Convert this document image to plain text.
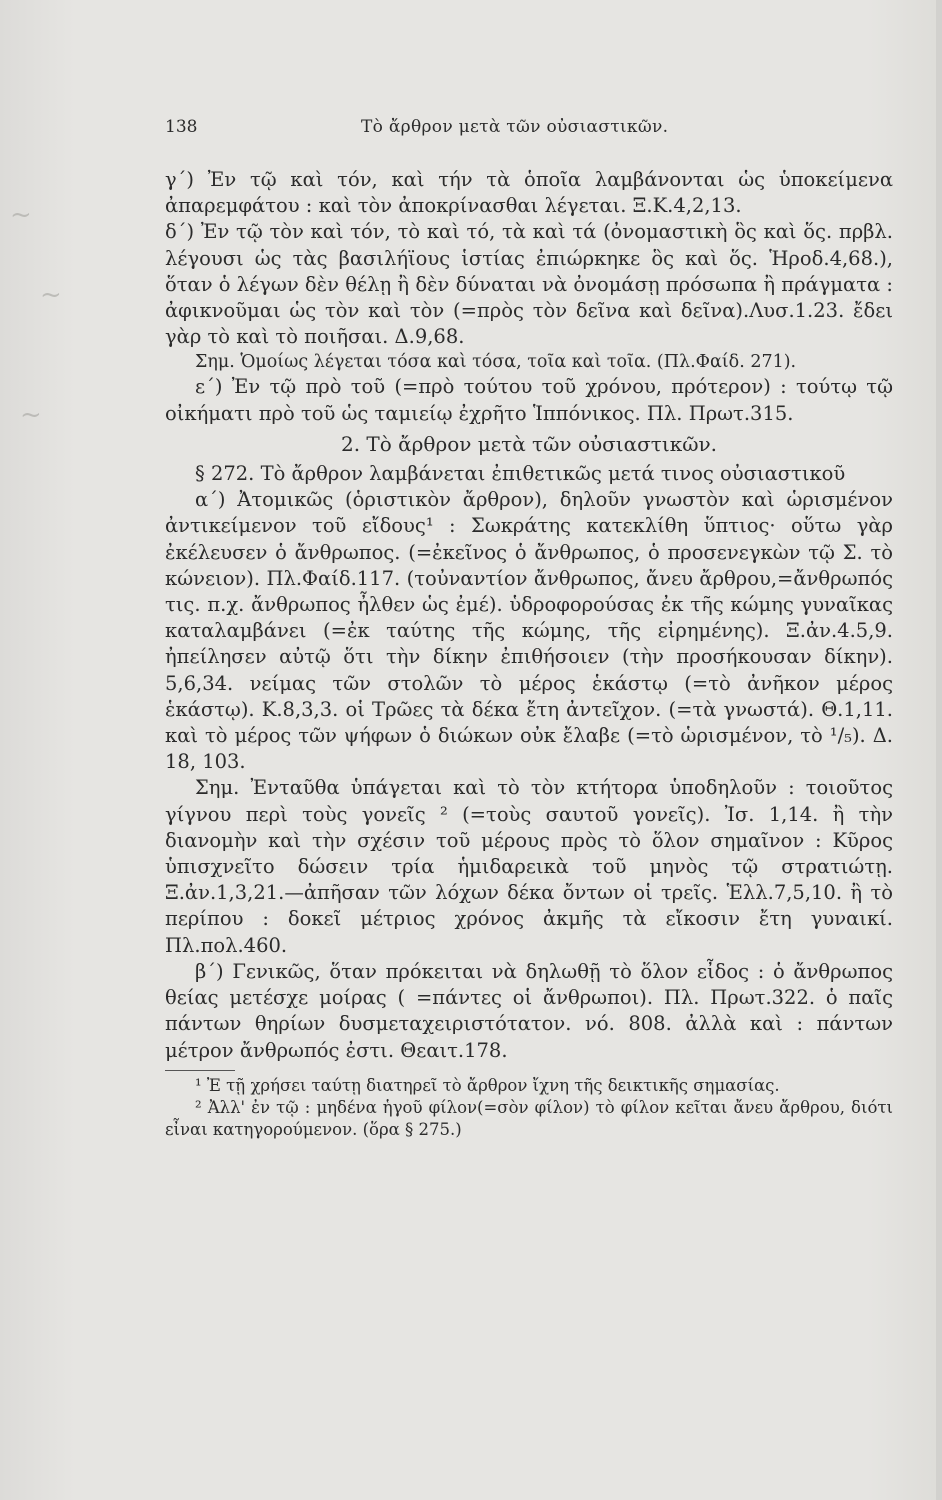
~
~
~
138	Τὸ ἄρθρον μετὰ τῶν οὐσιαστικῶν.

γ΄) Ἐν τῷ καὶ τόν, καὶ τήν τὰ ὁποῖα λαμβάνονται ὡς ὑποκείμενα ἀπαρεμφάτου : καὶ τὸν ἀποκρίνασθαι λέγεται. Ξ.Κ.4,2,13.

δ΄) Ἐν τῷ τὸν καὶ τόν, τὸ καὶ τό, τὰ καὶ τά (ὀνομαστικὴ ὃς καὶ ὅς. πρβλ. λέγουσι ὡς τὰς βασιλήϊους ἱστίας ἐπιώρκηκε ὃς καὶ ὅς. Ἡροδ.4,68.), ὅταν ὁ λέγων δὲν θέλῃ ἢ δὲν δύναται νὰ ὀνομάσῃ πρόσωπα ἢ πράγματα : ἀφικνοῦμαι ὡς τὸν καὶ τὸν (=πρὸς τὸν δεῖνα καὶ δεῖνα).Λυσ.1.23. ἔδει γὰρ τὸ καὶ τὸ ποιῆσαι. Δ.9,68.

Σημ. Ὁμοίως λέγεται τόσα καὶ τόσα, τοῖα καὶ τοῖα. (Πλ.Φαίδ. 271).

ε΄) Ἐν τῷ πρὸ τοῦ (=πρὸ τούτου τοῦ χρόνου, πρότερον) : τούτῳ τῷ οἰκήματι πρὸ τοῦ ὡς ταμιείῳ ἐχρῆτο Ἱππόνικος. Πλ. Πρωτ.315.

2. Τὸ ἄρθρον μετὰ τῶν οὐσιαστικῶν.

§ 272. Τὸ ἄρθρον λαμβάνεται ἐπιθετικῶς μετά τινος οὐσιαστικοῦ

α΄) Ἀτομικῶς (ὁριστικὸν ἄρθρον), δηλοῦν γνωστὸν καὶ ὡρισμένον ἀντικείμενον τοῦ εἴδους¹ : Σωκράτης κατεκλίθη ὕπτιος· οὕτω γὰρ ἐκέλευσεν ὁ ἄνθρωπος. (=ἐκεῖνος ὁ ἄνθρωπος, ὁ προσενεγκὼν τῷ Σ. τὸ κώνειον). Πλ.Φαίδ.117. (τοὐναντίον ἄνθρωπος, ἄνευ ἄρθρου,=ἄνθρωπός τις. π.χ. ἄνθρωπος ἦλθεν ὡς ἐμέ). ὑδροφορούσας ἐκ τῆς κώμης γυναῖκας καταλαμβάνει (=ἐκ ταύτης τῆς κώμης, τῆς εἰρημένης). Ξ.ἀν.4.5,9. ἠπείλησεν αὐτῷ ὅτι τὴν δίκην ἐπιθήσοιεν (τὴν προσήκουσαν δίκην). 5,6,34. νείμας τῶν στολῶν τὸ μέρος ἑκάστῳ (=τὸ ἀνῆκον μέρος ἑκάστῳ). Κ.8,3,3. οἱ Τρῶες τὰ δέκα ἔτη ἀντεῖχον. (=τὰ γνωστά). Θ.1,11. καὶ τὸ μέρος τῶν ψήφων ὁ διώκων οὐκ ἔλαβε (=τὸ ὡρισμένον, τὸ ¹/₅). Δ. 18, 103.

Σημ. Ἐνταῦθα ὑπάγεται καὶ τὸ τὸν κτήτορα ὑποδηλοῦν : τοιοῦτος γίγνου περὶ τοὺς γονεῖς ² (=τοὺς σαυτοῦ γονεῖς). Ἰσ. 1,14. ἢ τὴν διανομὴν καὶ τὴν σχέσιν τοῦ μέρους πρὸς τὸ ὅλον σημαῖνον : Κῦρος ὑπισχνεῖτο δώσειν τρία ἡμιδαρεικὰ τοῦ μηνὸς τῷ στρατιώτῃ. Ξ.ἀν.1,3,21.—ἀπῆσαν τῶν λόχων δέκα ὄντων οἱ τρεῖς. Ἑλλ.7,5,10. ἢ τὸ περίπου : δοκεῖ μέτριος χρόνος ἀκμῆς τὰ εἴκοσιν ἔτη γυναικί. Πλ.πολ.460.

β΄) Γενικῶς, ὅταν πρόκειται νὰ δηλωθῇ τὸ ὅλον εἶδος : ὁ ἄνθρωπος θείας μετέσχε μοίρας ( =πάντες οἱ ἄνθρωποι). Πλ. Πρωτ.322. ὁ παῖς πάντων θηρίων δυσμεταχειριστότατον. νό. 808. ἀλλὰ καὶ : πάντων μέτρον ἄνθρωπός ἐστι. Θεαιτ.178.

¹ Ἐ τῇ χρήσει ταύτῃ διατηρεῖ τὸ ἄρθρον ἴχνη τῆς δεικτικῆς σημασίας.

² Ἀλλ' ἐν τῷ : μηδένα ἡγοῦ φίλον(=σὸν φίλον) τὸ φίλον κεῖται ἄνευ ἄρθρου, διότι εἶναι κατηγορούμενον. (ὅρα § 275.)
